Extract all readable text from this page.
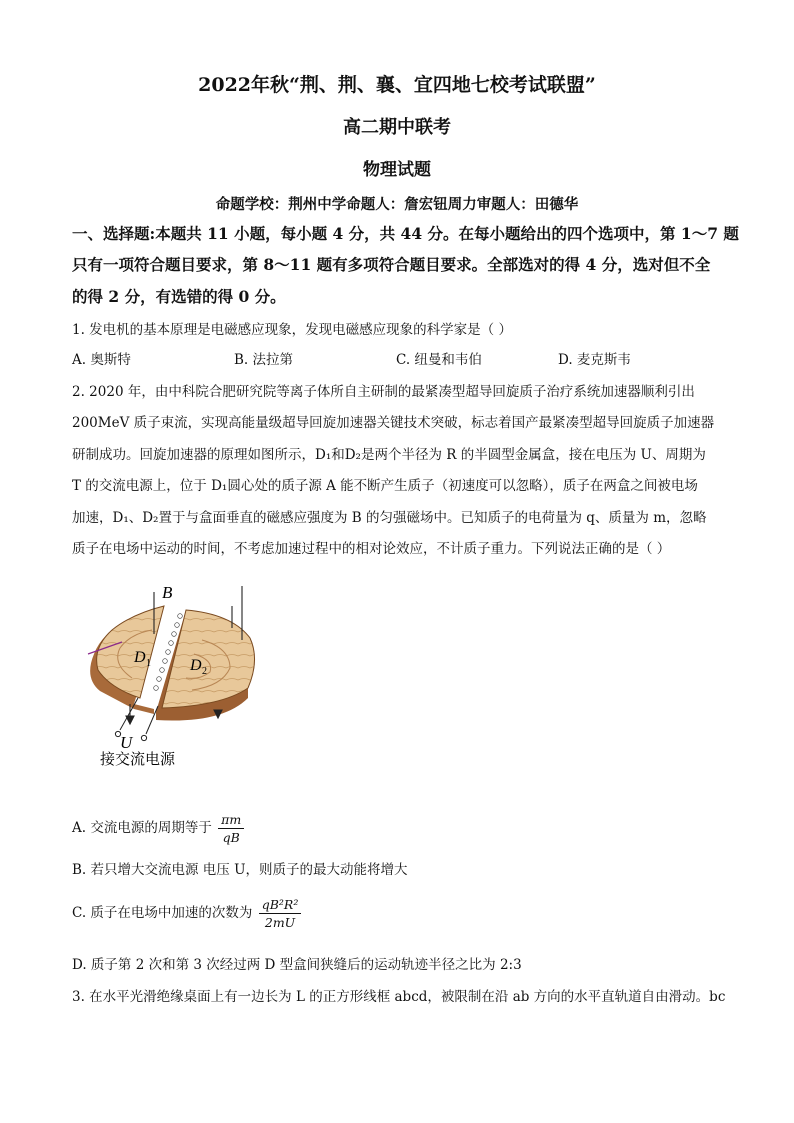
2022年秋“荆、荆、襄、宜四地七校考试联盟”
高二期中联考
物理试题
命题学校：荆州中学命题人：詹宏钮周力审题人：田德华
一、选择题:本题共 11 小题，每小题 4 分，共 44 分。在每小题给出的四个选项中，第 1～7 题
只有一项符合题目要求，第 8～11 题有多项符合题目要求。全部选对的得 4 分，选对但不全
的得 2 分，有选错的得 0 分。
1. 发电机的基本原理是电磁感应现象，发现电磁感应现象的科学家是（ ）
A. 奥斯特	B. 法拉第	C. 纽曼和韦伯	D. 麦克斯韦
2. 2020 年，由中科院合肥研究院等离子体所自主研制的最紧凑型超导回旋质子治疗系统加速器顺利引出
200MeV 质子束流，实现高能量级超导回旋加速器关键技术突破，标志着国产最紧凑型超导回旋质子加速器
研制成功。回旋加速器的原理如图所示，D₁和D₂是两个半径为 R 的半圆型金属盒，接在电压为 U、周期为
T 的交流电源上，位于 D₁圆心处的质子源 A 能不断产生质子（初速度可以忽略），质子在两盒之间被电场
加速，D₁、D₂置于与盒面垂直的磁感应强度为 B 的匀强磁场中。已知质子的电荷量为 q、质量为 m，忽略
质子在电场中运动的时间，不考虑加速过程中的相对论效应，不计质子重力。下列说法正确的是（ ）
B
D 1 D 2
U
接交流电源
A. 交流电源的周期等于 $\frac{\pi m}{qB}$
B. 若只增大交流电源 电压 U，则质子的最大动能将增大
C. 质子在电场中加速的次数为 $\frac{\text{qB²R²}}{2mU}$
D. 质子第 2 次和第 3 次经过两 D 型盒间狭缝后的运动轨迹半径之比为 2:3
3. 在水平光滑绝缘桌面上有一边长为 L 的正方形线框 abcd，被限制在沿 ab 方向的水平直轨道自由滑动。bc
